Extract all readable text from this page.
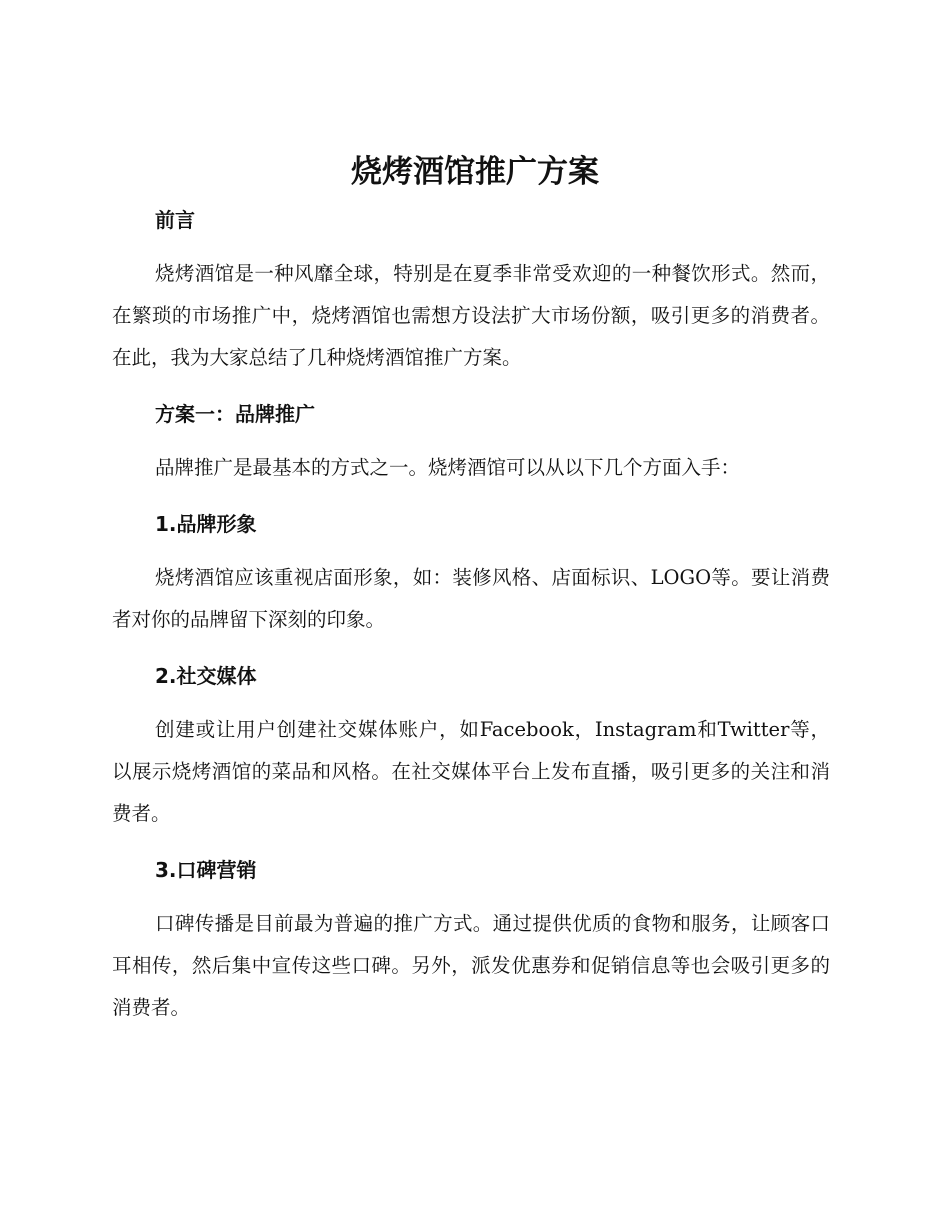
烧烤酒馆推广方案
前言

烧烤酒馆是一种风靡全球，特别是在夏季非常受欢迎的一种餐饮形式。然而，在繁琐的市场推广中，烧烤酒馆也需想方设法扩大市场份额，吸引更多的消费者。在此，我为大家总结了几种烧烤酒馆推广方案。

方案一：品牌推广

品牌推广是最基本的方式之一。烧烤酒馆可以从以下几个方面入手：

1.品牌形象

烧烤酒馆应该重视店面形象，如：装修风格、店面标识、LOGO等。要让消费者对你的品牌留下深刻的印象。

2.社交媒体

创建或让用户创建社交媒体账户，如Facebook，Instagram和Twitter等，以展示烧烤酒馆的菜品和风格。在社交媒体平台上发布直播，吸引更多的关注和消费者。

3.口碑营销

口碑传播是目前最为普遍的推广方式。通过提供优质的食物和服务，让顾客口耳相传，然后集中宣传这些口碑。另外，派发优惠券和促销信息等也会吸引更多的消费者。
